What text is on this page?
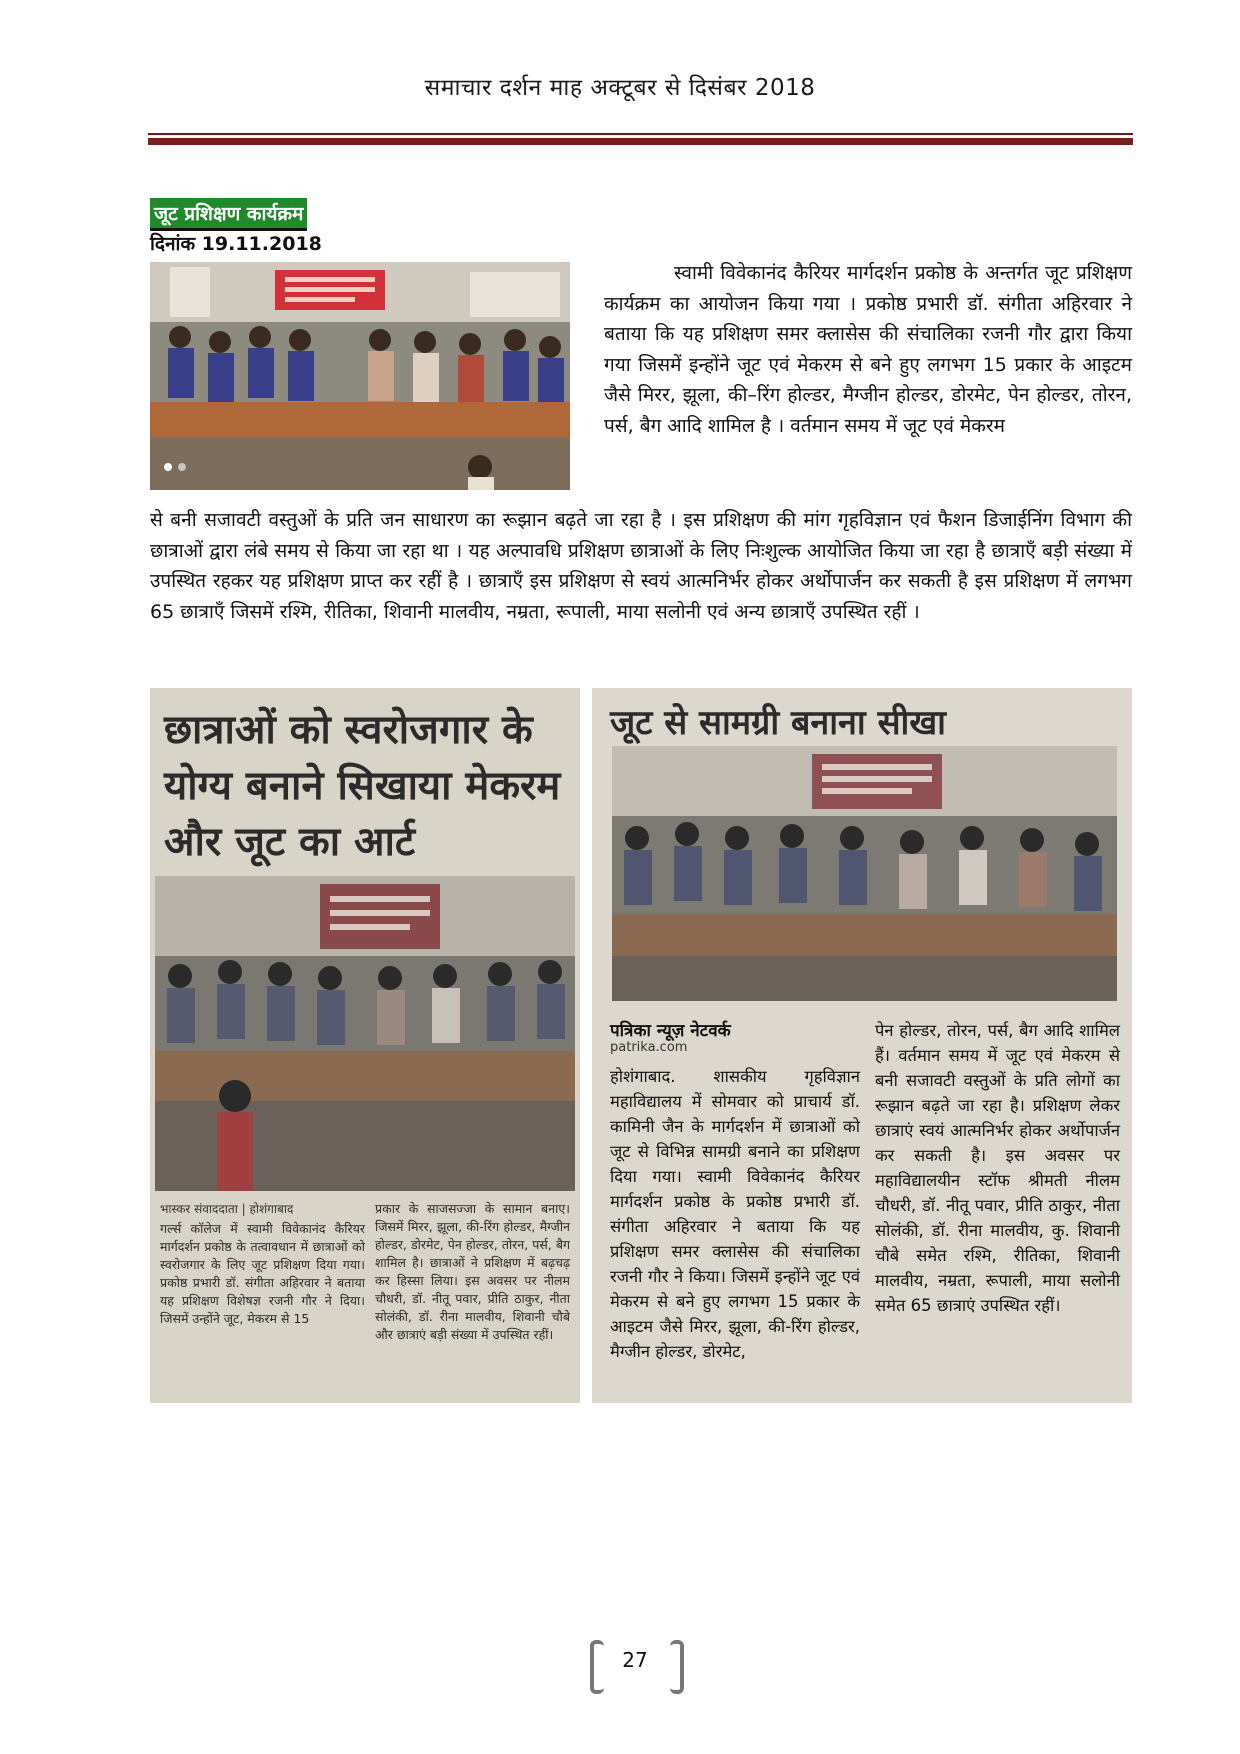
समाचार दर्शन माह अक्टूबर से दिसंबर 2018
जूट प्रशिक्षण कार्यक्रम
दिनांक 19.11.2018
स्वामी विवेकानंद कैरियर मार्गदर्शन प्रकोष्ठ के अन्तर्गत जूट प्रशिक्षण कार्यक्रम का आयोजन किया गया । प्रकोष्ठ प्रभारी डॉ. संगीता अहिरवार ने बताया कि यह प्रशिक्षण समर क्लासेस की संचालिका रजनी गौर द्वारा किया गया जिसमें इन्होंने जूट एवं मेकरम से बने हुए लगभग 15 प्रकार के आइटम जैसे मिरर, झूला, की–रिंग होल्डर, मैग्जीन होल्डर, डोरमेट, पेन होल्डर, तोरन, पर्स, बैग आदि शामिल है । वर्तमान समय में जूट एवं मेकरम
से बनी सजावटी वस्तुओं के प्रति जन साधारण का रूझान बढ़ते जा रहा है । इस प्रशिक्षण की मांग गृहविज्ञान एवं फैशन डिजाईनिंग विभाग की छात्राओं द्वारा लंबे समय से किया जा रहा था । यह अल्पावधि प्रशिक्षण छात्राओं के लिए निःशुल्क आयोजित किया जा रहा है छात्राऍं बड़ी संख्या में उपस्थित रहकर यह प्रशिक्षण प्राप्त कर रहीं है । छात्राऍं इस प्रशिक्षण से स्वयं आत्मनिर्भर होकर अर्थोपार्जन कर सकती है इस प्रशिक्षण में लगभग 65 छात्राऍं जिसमें रश्मि, रीतिका, शिवानी मालवीय, नम्रता, रूपाली, माया सलोनी एवं अन्य छात्राऍं उपस्थित रहीं ।
छात्राओं को स्वरोजगार के योग्य बनाने सिखाया मेकरम और जूट का आर्ट
भास्कर संवाददाता | होशंगाबाद
गर्ल्स कॉलेज में स्वामी विवेकानंद कैरियर मार्गदर्शन प्रकोष्ठ के तत्वावधान में छात्राओं को स्वरोजगार के लिए जूट प्रशिक्षण दिया गया। प्रकोष्ठ प्रभारी डॉ. संगीता अहिरवार ने बताया यह प्रशिक्षण विशेषज्ञ रजनी गौर ने दिया। जिसमें उन्होंने जूट, मेकरम से 15
प्रकार के साजसज्जा के सामान बनाए। जिसमें मिरर, झूला, की-रिंग होल्डर, मैग्जीन होल्डर, डोरमेट, पेन होल्डर, तोरन, पर्स, बैग शामिल है। छात्राओं ने प्रशिक्षण में बढ़चढ़ कर हिस्सा लिया। इस अवसर पर नीलम चौधरी, डॉ. नीतू पवार, प्रीति ठाकुर, नीता सोलंकी, डॉ. रीना मालवीय, शिवानी चौबे और छात्राएं बड़ी संख्या में उपस्थित रहीं।
जूट से सामग्री बनाना सीखा
पत्रिका न्यूज़ नेटवर्क
patrika.com
होशंगाबाद. शासकीय गृहविज्ञान महाविद्यालय में सोमवार को प्राचार्य डॉ. कामिनी जैन के मार्गदर्शन में छात्राओं को जूट से विभिन्न सामग्री बनाने का प्रशिक्षण दिया गया। स्वामी विवेकानंद कैरियर मार्गदर्शन प्रकोष्ठ के प्रकोष्ठ प्रभारी डॉ. संगीता अहिरवार ने बताया कि यह प्रशिक्षण समर क्लासेस की संचालिका रजनी गौर ने किया। जिसमें इन्होंने जूट एवं मेकरम से बने हुए लगभग 15 प्रकार के आइटम जैसे मिरर, झूला, की-रिंग होल्डर, मैग्जीन होल्डर, डोरमेट,
पेन होल्डर, तोरन, पर्स, बैग आदि शामिल हैं। वर्तमान समय में जूट एवं मेकरम से बनी सजावटी वस्तुओं के प्रति लोगों का रूझान बढ़ते जा रहा है। प्रशिक्षण लेकर छात्राएं स्वयं आत्मनिर्भर होकर अर्थोपार्जन कर सकती है। इस अवसर पर महाविद्यालयीन स्टॉफ श्रीमती नीलम चौधरी, डॉ. नीतू पवार, प्रीति ठाकुर, नीता सोलंकी, डॉ. रीना मालवीय, कु. शिवानी चौबे समेत रश्मि, रीतिका, शिवानी मालवीय, नम्रता, रूपाली, माया सलोनी समेत 65 छात्राएं उपस्थित रहीं।
27
